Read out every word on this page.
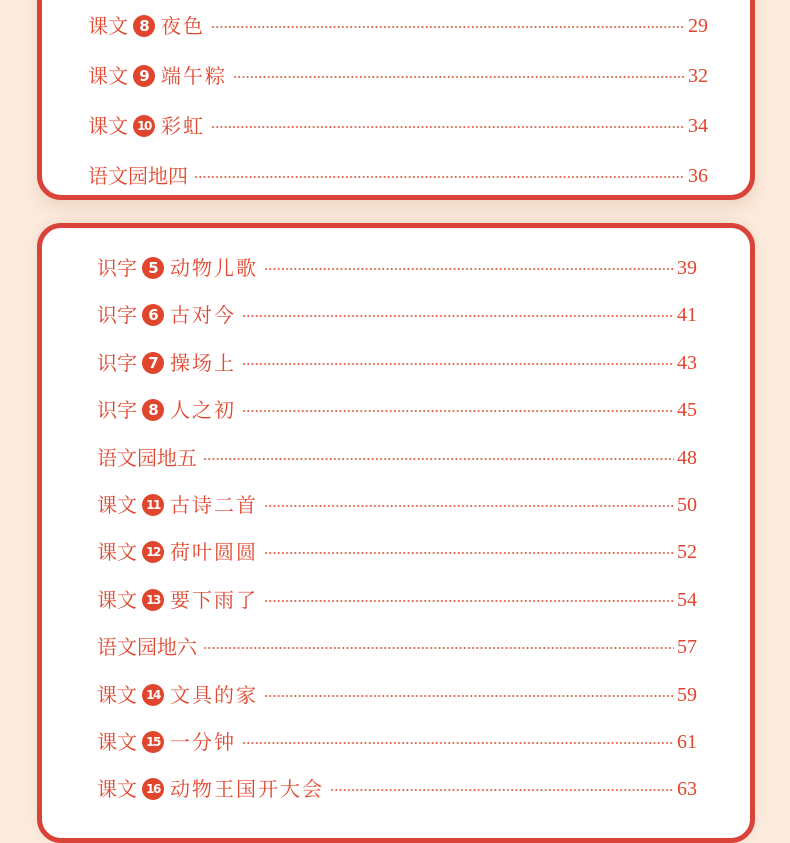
课文 8 夜色	29
课文 9 端午粽	32
课文 10 彩虹	34
语文园地四	36
识字 5 动物儿歌	39
识字 6 古对今	41
识字 7 操场上	43
识字 8 人之初	45
语文园地五	48
课文 11 古诗二首	50
课文 12 荷叶圆圆	52
课文 13 要下雨了	54
语文园地六	57
课文 14 文具的家	59
课文 15 一分钟	61
课文 16 动物王国开大会	63
